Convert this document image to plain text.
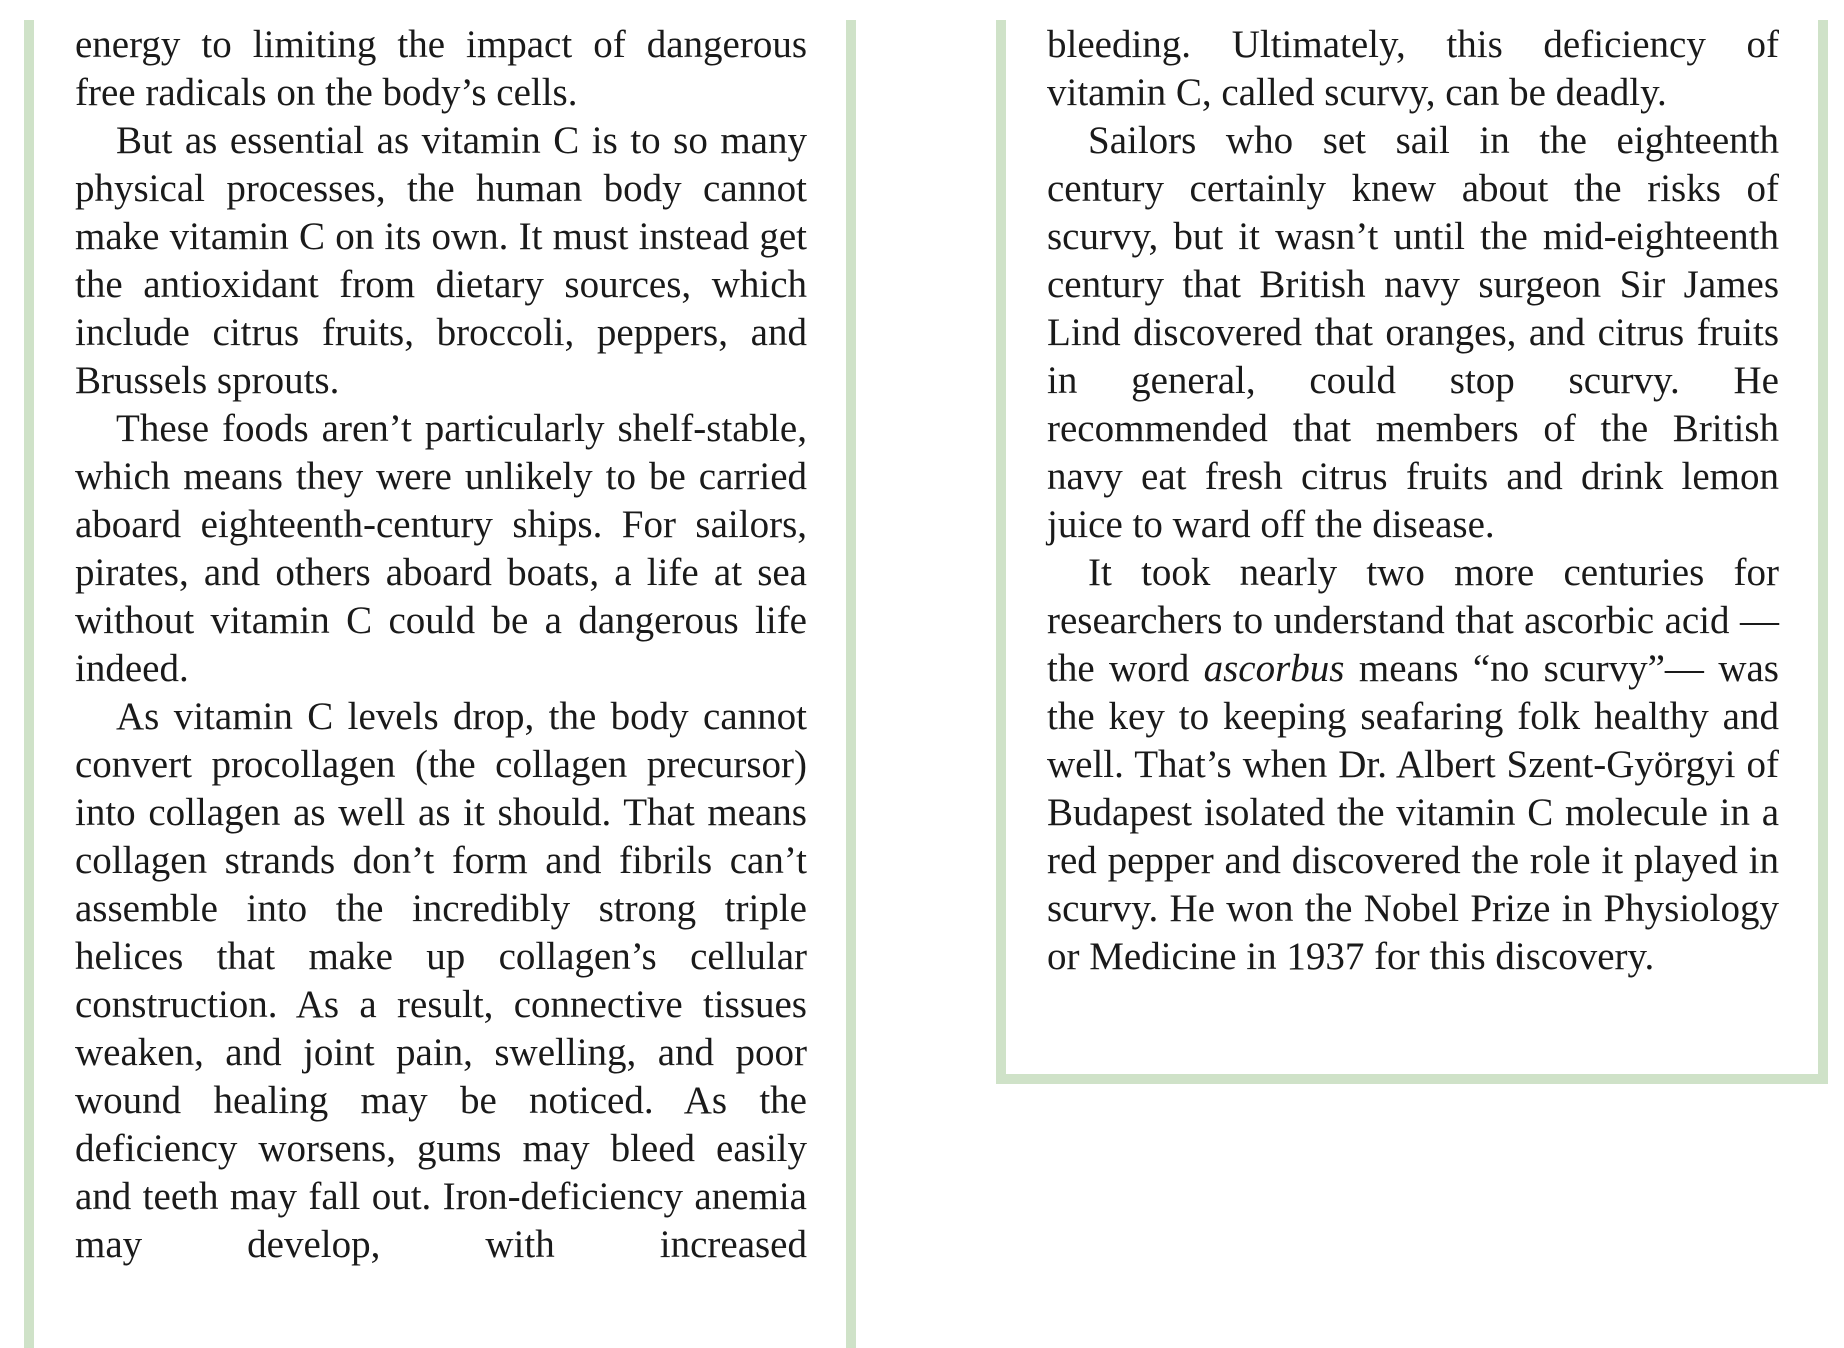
energy to limiting the impact of dangerous free radicals on the body’s cells.

But as essential as vitamin C is to so many physical processes, the human body cannot make vitamin C on its own. It must instead get the antioxidant from dietary sources, which include citrus fruits, broccoli, peppers, and Brussels sprouts.

These foods aren’t particularly shelf-stable, which means they were unlikely to be carried aboard eighteenth-century ships. For sailors, pirates, and others aboard boats, a life at sea without vitamin C could be a dangerous life indeed.

As vitamin C levels drop, the body cannot convert procollagen (the collagen precursor) into collagen as well as it should. That means collagen strands don’t form and fibrils can’t assemble into the incredibly strong triple helices that make up collagen’s cellular construction. As a result, connective tissues weaken, and joint pain, swelling, and poor wound healing may be noticed. As the deficiency worsens, gums may bleed easily and teeth may fall out. Iron-deficiency anemia may develop, with increased

bleeding. Ultimately, this deficiency of vitamin C, called scurvy, can be deadly.

Sailors who set sail in the eighteenth century certainly knew about the risks of scurvy, but it wasn’t until the mid-eighteenth century that British navy surgeon Sir James Lind discovered that oranges, and citrus fruits in general, could stop scurvy. He recommended that members of the British navy eat fresh citrus fruits and drink lemon juice to ward off the disease.

It took nearly two more centuries for researchers to understand that ascorbic acid —the word ascorbus means “no scurvy”— was the key to keeping seafaring folk healthy and well. That’s when Dr. Albert Szent-Györgyi of Budapest isolated the vitamin C molecule in a red pepper and discovered the role it played in scurvy. He won the Nobel Prize in Physiology or Medicine in 1937 for this discovery.
